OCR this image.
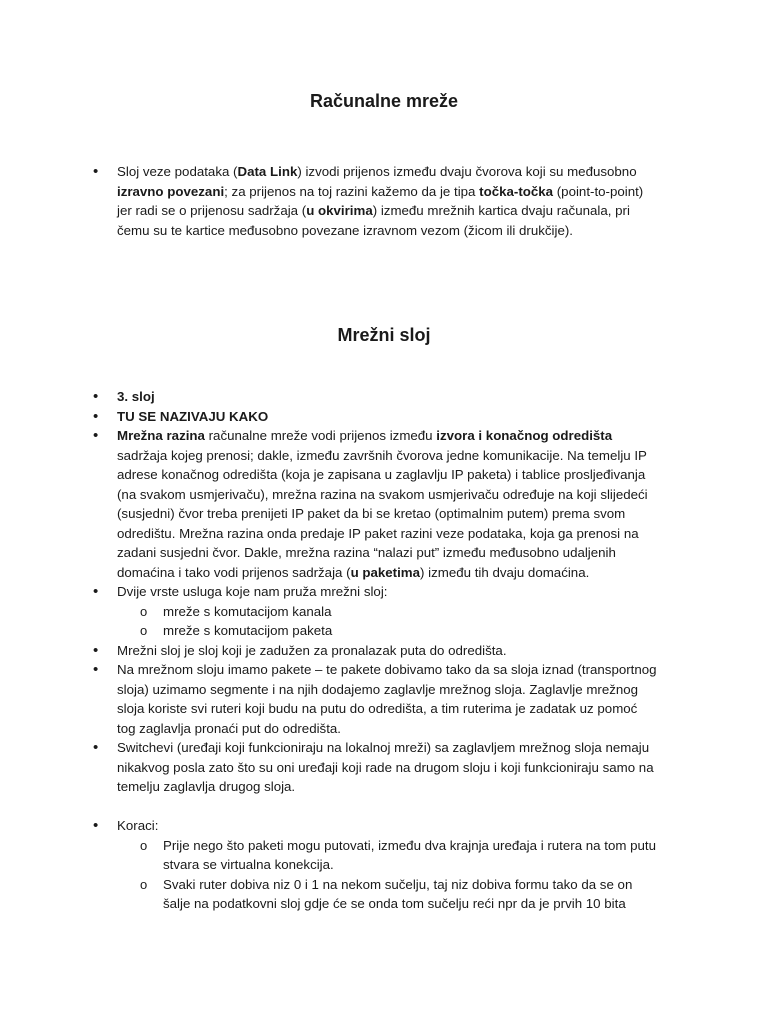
Računalne mreže
• Sloj veze podataka (Data Link) izvodi prijenos između dvaju čvorova koji su međusobno izravno povezani; za prijenos na toj razini kažemo da je tipa točka-točka (point-to-point) jer radi se o prijenosu sadržaja (u okvirima) između mrežnih kartica dvaju računala, pri čemu su te kartice međusobno povezane izravnom vezom (žicom ili drukčije).
Mrežni sloj
• 3. sloj
• TU SE NAZIVAJU KAKO
• Mrežna razina računalne mreže vodi prijenos između izvora i konačnog odredišta sadržaja kojeg prenosi; dakle, između završnih čvorova jedne komunikacije. Na temelju IP adrese konačnog odredišta (koja je zapisana u zaglavlju IP paketa) i tablice prosljeđivanja (na svakom usmjerivaču), mrežna razina na svakom usmjerivaču određuje na koji slijedeći (susjedni) čvor treba prenijeti IP paket da bi se kretao (optimalnim putem) prema svom odredištu. Mrežna razina onda predaje IP paket razini veze podataka, koja ga prenosi na zadani susjedni čvor. Dakle, mrežna razina “nalazi put” između međusobno udaljenih domaćina i tako vodi prijenos sadržaja (u paketima) između tih dvaju domaćina.
• Dvije vrste usluga koje nam pruža mrežni sloj:
o mreže s komutacijom kanala
o mreže s komutacijom paketa
• Mrežni sloj je sloj koji je zadužen za pronalazak puta do odredišta.
• Na mrežnom sloju imamo pakete – te pakete dobivamo tako da sa sloja iznad (transportnog sloja) uzimamo segmente i na njih dodajemo zaglavlje mrežnog sloja. Zaglavlje mrežnog sloja koriste svi ruteri koji budu na putu do odredišta, a tim ruterima je zadatak uz pomoć tog zaglavlja pronaći put do odredišta.
• Switchevi (uređaji koji funkcioniraju na lokalnoj mreži) sa zaglavljem mrežnog sloja nemaju nikakvog posla zato što su oni uređaji koji rade na drugom sloju i koji funkcioniraju samo na temelju zaglavlja drugog sloja.
• Koraci:
o Prije nego što paketi mogu putovati, između dva krajnja uređaja i rutera na tom putu stvara se virtualna konekcija.
o Svaki ruter dobiva niz 0 i 1 na nekom sučelju, taj niz dobiva formu tako da se on šalje na podatkovni sloj gdje će se onda tom sučelju reći npr da je prvih 10 bita
